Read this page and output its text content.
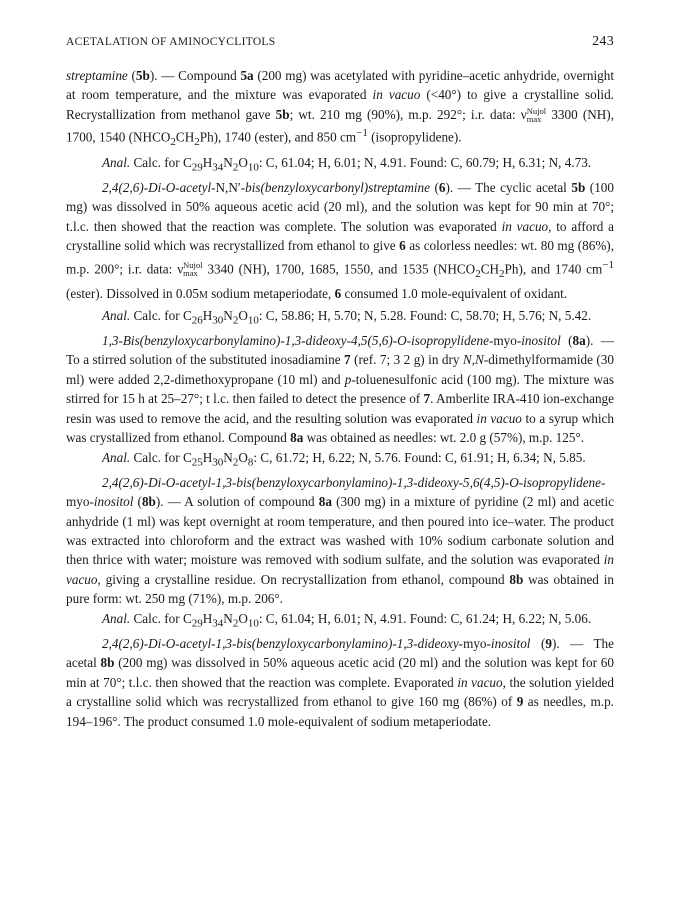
ACETALATION OF AMINOCYCLITOLS	243

streptamine (5b). — Compound 5a (200 mg) was acetylated with pyridine–acetic anhydride, overnight at room temperature, and the mixture was evaporated in vacuo (<40°) to give a crystalline solid. Recrystallization from methanol gave 5b; wt. 210 mg (90%), m.p. 292°; i.r. data: ν Nujol
max 3300 (NH), 1700, 1540 $(NHCO_2CH_2Ph)$, 1740 (ester), and 850 $cm^{-1}$ (isopropylidene).

Anal. Calc. for $C_{29}H_{34}N_2O_{10}$: C, 61.04; H, 6.01; N, 4.91. Found: C, 60.79; H, 6.31; N, 4.73.

2,4(2,6)-Di-O-acetyl-N,N′-bis(benzyloxycarbonyl)streptamine (6). — The cyclic acetal 5b (100 mg) was dissolved in 50% aqueous acetic acid (20 ml), and the solution was kept for 90 min at 70°; t.l.c. then showed that the reaction was complete. The solution was evaporated in vacuo, to afford a crystalline solid which was recrystallized from ethanol to give 6 as colorless needles: wt. 80 mg (86%), m.p. 200°; i.r. data: ν Nujol
max 3340 (NH), 1700, 1685, 1550, and 1535 $(NHCO_2CH_2Ph)$, and 1740 $cm^{-1}$ (ester). Dissolved in 0.05M sodium metaperiodate, 6 consumed 1.0 mole-equivalent of oxidant.

Anal. Calc. for $C_{26}H_{30}N_2O_{10}$: C, 58.86; H, 5.70; N, 5.28. Found: C, 58.70; H, 5.76; N, 5.42.

1,3-Bis(benzyloxycarbonylamino)-1,3-dideoxy-4,5(5,6)-O-isopropylidene-myo-inositol (8a). — To a stirred solution of the substituted inosadiamine 7 (ref. 7; 3 2 g) in dry N,N-dimethylformamide (30 ml) were added 2,2-dimethoxypropane (10 ml) and p-toluenesulfonic acid (100 mg). The mixture was stirred for 15 h at 25–27°; t l.c. then failed to detect the presence of 7. Amberlite IRA-410 ion-exchange resin was used to remove the acid, and the resulting solution was evaporated in vacuo to a syrup which was crystallized from ethanol. Compound 8a was obtained as needles: wt. 2.0 g (57%), m.p. 125°.

Anal. Calc. for $C_{25}H_{30}N_2O_8$: C, 61.72; H, 6.22; N, 5.76. Found: C, 61.91; H, 6.34; N, 5.85.

2,4(2,6)-Di-O-acetyl-1,3-bis(benzyloxycarbonylamino)-1,3-dideoxy-5,6(4,5)-O-isopropylidene-myo-inositol (8b). — A solution of compound 8a (300 mg) in a mixture of pyridine (2 ml) and acetic anhydride (1 ml) was kept overnight at room temperature, and then poured into ice–water. The product was extracted into chloroform and the extract was washed with 10% sodium carbonate solution and then thrice with water; moisture was removed with sodium sulfate, and the solution was evaporated in vacuo, giving a crystalline residue. On recrystallization from ethanol, compound 8b was obtained in pure form: wt. 250 mg (71%), m.p. 206°.

Anal. Calc. for $C_{29}H_{34}N_2O_{10}$: C, 61.04; H, 6.01; N, 4.91. Found: C, 61.24; H, 6.22; N, 5.06.

2,4(2,6)-Di-O-acetyl-1,3-bis(benzyloxycarbonylamino)-1,3-dideoxy-myo-inositol (9). — The acetal 8b (200 mg) was dissolved in 50% aqueous acetic acid (20 ml) and the solution was kept for 60 min at 70°; t.l.c. then showed that the reaction was complete. Evaporated in vacuo, the solution yielded a crystalline solid which was recrystallized from ethanol to give 160 mg (86%) of 9 as needles, m.p. 194–196°. The product consumed 1.0 mole-equivalent of sodium metaperiodate.
